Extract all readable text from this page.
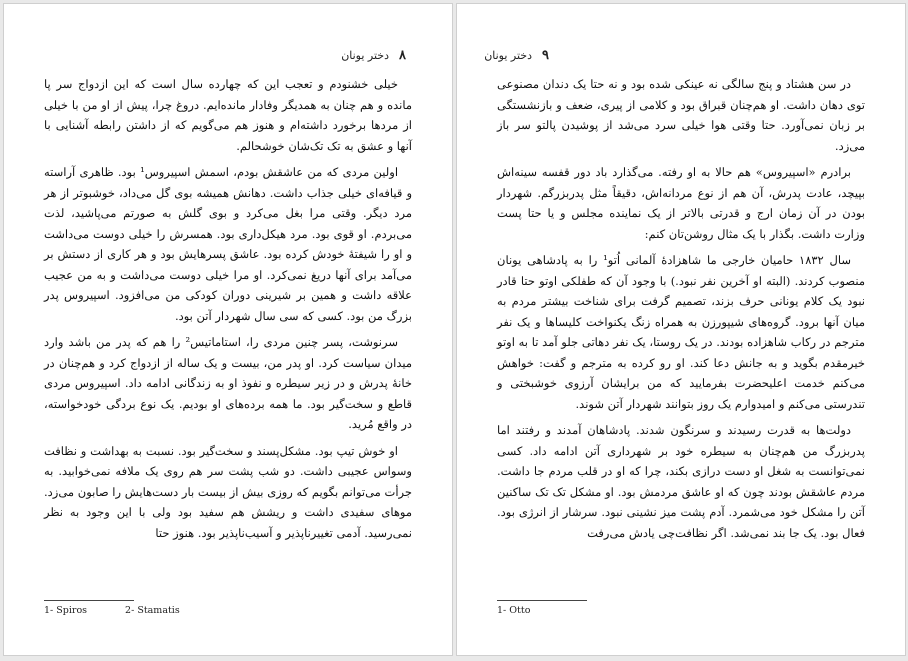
۸
دختر یونان

خیلی خشنودم و تعجب این که چهارده سال است که این ازدواج سر پا مانده و هم چنان به همدیگر وفادار مانده‌ایم. دروغ چرا، پیش از او من با خیلی از مردها برخورد داشته‌ام و هنوز هم می‌گویم که از داشتن رابطه آشنایی با آنها و عشق به تک تک‌شان خوشحالم.

اولین مردی که من عاشقش بودم، اسمش اسپیروس¹ بود. ظاهری آراسته و قیافه‌ای خیلی جذاب داشت. دهانش همیشه بوی گل می‌داد، خوشبوتر از هر مرد دیگر. وقتی مرا بغل می‌کرد و بوی گلش به صورتم می‌پاشید، لذت می‌بردم. او قوی بود. مرد هیکل‌داری بود. همسرش را خیلی دوست می‌داشت و او را شیفتهٔ خودش کرده بود. عاشق پسرهایش بود و هر کاری از دستش بر می‌آمد برای آنها دریغ نمی‌کرد. او مرا خیلی دوست می‌داشت و به من عجیب علاقه داشت و همین بر شیرینی دوران کودکی من می‌افزود. اسپیروس پدر بزرگ من بود. کسی که سی سال شهردار آتن بود.

سرنوشت، پسر چنین مردی را، استاماتیس² را هم که پدر من باشد وارد میدان سیاست کرد. او پدر من، بیست و یک ساله از ازدواج کرد و هم‌چنان در خانهٔ پدرش و در زیر سیطره و نفوذ او به زندگانی ادامه داد. اسپیروس مردی قاطع و سخت‌گیر بود. ما همه برده‌های او بودیم. یک نوع بردگی خودخواسته، در واقع مُرید.

او خوش تیپ بود. مشکل‌پسند و سخت‌گیر بود. نسبت به بهداشت و نظافت وسواس عجیبی داشت. دو شب پشت سر هم روی یک ملافه نمی‌خوابید. به جرأت می‌توانم بگویم که روزی بیش از بیست بار دست‌هایش را صابون می‌زد. موهای سفیدی داشت و ریشش هم سفید بود ولی با این وجود به نظر نمی‌رسید. آدمی تغییرناپذیر و آسیب‌ناپذیر بود. هنوز حتا

1- Spiros	2- Stamatis
۹
دختر یونان

در سن هشتاد و پنج سالگی نه عینکی شده بود و نه حتا یک دندان مصنوعی توی دهان داشت. او هم‌چنان قبراق بود و کلامی از پیری، ضعف و بازنشستگی بر زبان نمی‌آورد. حتا وقتی هوا خیلی سرد می‌شد از پوشیدن پالتو سر باز می‌زد.

برادرم «اسپیروس» هم حالا به او رفته. می‌گذارد باد دور قفسه سینه‌اش بپیچد، عادت پدرش، آن هم از نوع مردانه‌اش، دقیقاً مثل پدربزرگم. شهردار بودن در آن زمان ارج و قدرتی بالاتر از یک نماینده مجلس و یا حتا پست وزارت داشت. بگذار با یک مثال روشن‌تان کنم:

سال ۱۸۳۲ حامیان خارجی ما شاهزادهٔ آلمانی اُتو¹ را به پادشاهی یونان منصوب کردند. (البته او آخرین نفر نبود.) با وجود آن که طفلکی اوتو حتا قادر نبود یک کلام یونانی حرف بزند، تصمیم گرفت برای شناخت بیشتر مردم به میان آنها برود. گروه‌های شیپورزن به همراه زنگ یکنواخت کلیساها و یک نفر مترجم در رکاب شاهزاده بودند. در یک روستا، یک نفر دهاتی جلو آمد تا به اوتو خیرمقدم بگوید و به جانش دعا کند. او رو کرده به مترجم و گفت: خواهش می‌کنم خدمت اعلیحضرت بفرمایید که من برایشان آرزوی خوشبختی و تندرستی می‌کنم و امیدوارم یک روز بتوانند شهردار آتن شوند.

دولت‌ها به قدرت رسیدند و سرنگون شدند. پادشاهان آمدند و رفتند اما پدربزرگ من هم‌چنان به سیطره خود بر شهرداری آتن ادامه داد. کسی نمی‌توانست به شغل او دست درازی بکند، چرا که او در قلب مردم جا داشت. مردم عاشقش بودند چون که او عاشق مردمش بود. او مشکل تک تک ساکنین آتن را مشکل خود می‌شمرد. آدم پشت میز نشینی نبود. سرشار از انرژی بود. فعال بود. یک جا بند نمی‌شد. اگر نظافت‌چی یادش می‌رفت

1- Otto
